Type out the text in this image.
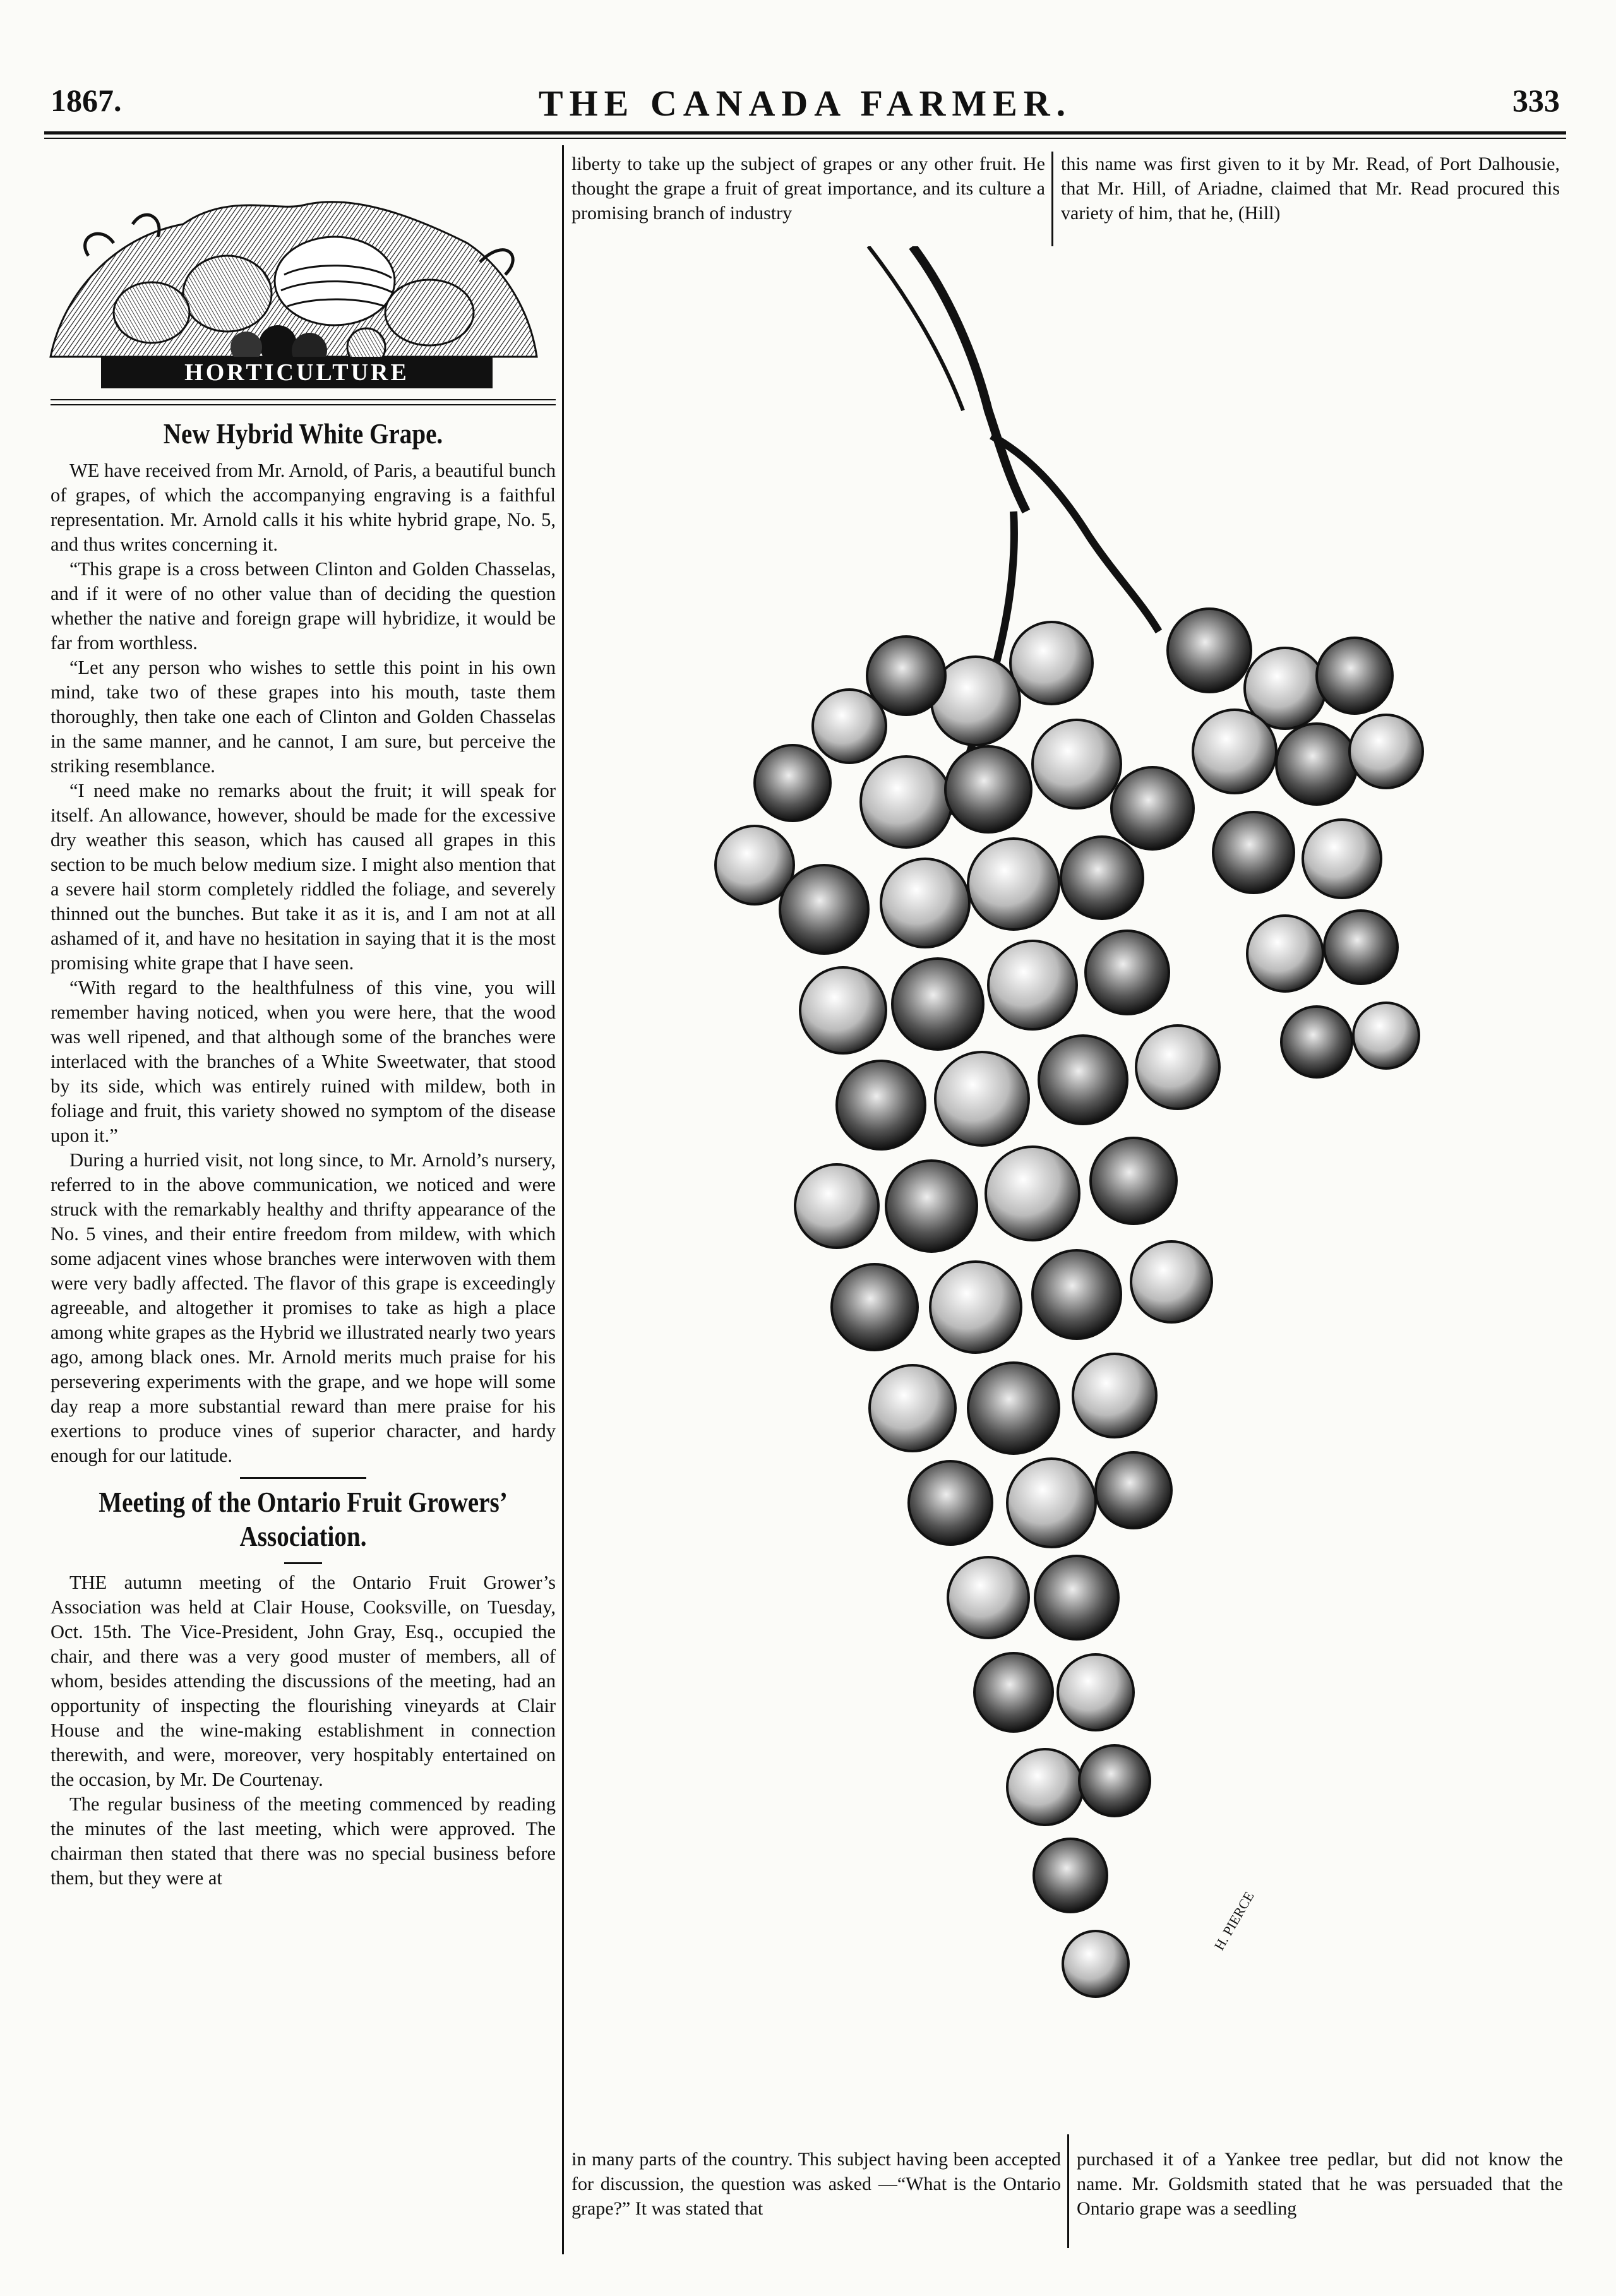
1867.	THE CANADA FARMER.	333
HORTICULTURE
New Hybrid White Grape.

WE have received from Mr. Arnold, of Paris, a beautiful bunch of grapes, of which the accompanying engraving is a faithful representation. Mr. Arnold calls it his white hybrid grape, No. 5, and thus writes concerning it.

“This grape is a cross between Clinton and Golden Chasselas, and if it were of no other value than of deciding the question whether the native and foreign grape will hybridize, it would be far from worthless.

“Let any person who wishes to settle this point in his own mind, take two of these grapes into his mouth, taste them thoroughly, then take one each of Clinton and Golden Chasselas in the same manner, and he cannot, I am sure, but perceive the striking resemblance.

“I need make no remarks about the fruit; it will speak for itself. An allowance, however, should be made for the excessive dry weather this season, which has caused all grapes in this section to be much below medium size. I might also mention that a severe hail storm completely riddled the foliage, and severely thinned out the bunches. But take it as it is, and I am not at all ashamed of it, and have no hesitation in saying that it is the most promising white grape that I have seen.

“With regard to the healthfulness of this vine, you will remember having noticed, when you were here, that the wood was well ripened, and that although some of the branches were interlaced with the branches of a White Sweetwater, that stood by its side, which was entirely ruined with mildew, both in foliage and fruit, this variety showed no symptom of the disease upon it.”

During a hurried visit, not long since, to Mr. Arnold’s nursery, referred to in the above communication, we noticed and were struck with the remarkably healthy and thrifty appearance of the No. 5 vines, and their entire freedom from mildew, with which some adjacent vines whose branches were interwoven with them were very badly affected. The flavor of this grape is exceedingly agreeable, and altogether it promises to take as high a place among white grapes as the Hybrid we illustrated nearly two years ago, among black ones. Mr. Arnold merits much praise for his persevering experiments with the grape, and we hope will some day reap a more substantial reward than mere praise for his exertions to produce vines of superior character, and hardy enough for our latitude.

Meeting of the Ontario Fruit Growers’ Association.

THE autumn meeting of the Ontario Fruit Grower’s Association was held at Clair House, Cooksville, on Tuesday, Oct. 15th. The Vice-President, John Gray, Esq., occupied the chair, and there was a very good muster of members, all of whom, besides attending the discussions of the meeting, had an opportunity of inspecting the flourishing vineyards at Clair House and the wine-making establishment in connection therewith, and were, moreover, very hospitably entertained on the occasion, by Mr. De Courtenay.

The regular business of the meeting commenced by reading the minutes of the last meeting, which were approved. The chairman then stated that there was no special business before them, but they were at

liberty to take up the subject of grapes or any other fruit. He thought the grape a fruit of great importance, and its culture a promising branch of industry
this name was first given to it by Mr. Read, of Port Dalhousie, that Mr. Hill, of Ariadne, claimed that Mr. Read procured this variety of him, that he, (Hill)
H. PIERCE
in many parts of the country. This subject having been accepted for discussion, the question was asked —“What is the Ontario grape?” It was stated that
purchased it of a Yankee tree pedlar, but did not know the name. Mr. Goldsmith stated that he was persuaded that the Ontario grape was a seedling
